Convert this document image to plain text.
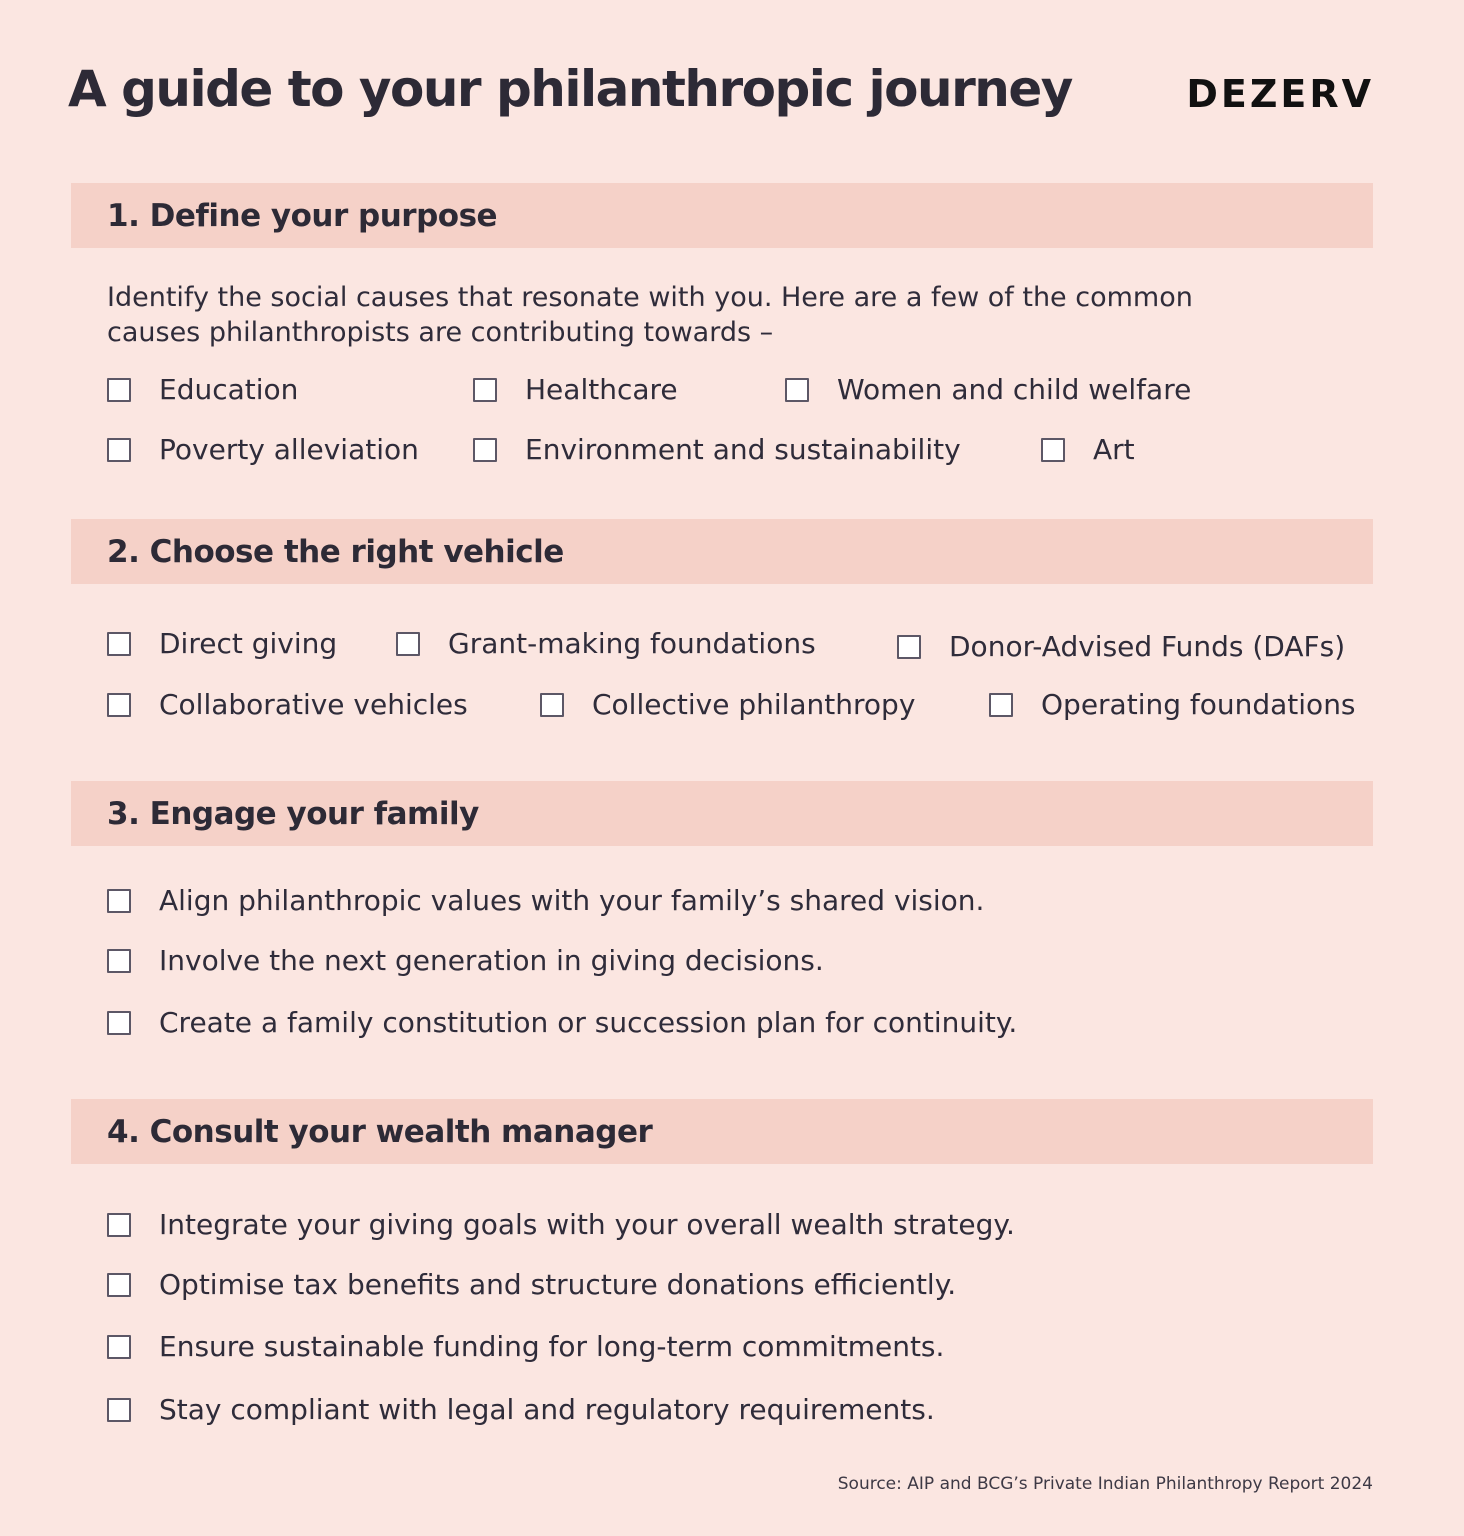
A guide to your philanthropic journey	DEZERV
1. Define your purpose
Identify the social causes that resonate with you. Here are a few of the common
causes philanthropists are contributing towards –
Education	Healthcare	Women and child welfare
Poverty alleviation	Environment and sustainability	Art
2. Choose the right vehicle
Direct giving	Grant-making foundations	Donor-Advised Funds (DAFs)
Collaborative vehicles	Collective philanthropy	Operating foundations
3. Engage your family
Align philanthropic values with your family’s shared vision.
Involve the next generation in giving decisions.
Create a family constitution or succession plan for continuity.
4. Consult your wealth manager
Integrate your giving goals with your overall wealth strategy.
Optimise tax benefits and structure donations efficiently.
Ensure sustainable funding for long-term commitments.
Stay compliant with legal and regulatory requirements.
Source: AIP and BCG’s Private Indian Philanthropy Report 2024
